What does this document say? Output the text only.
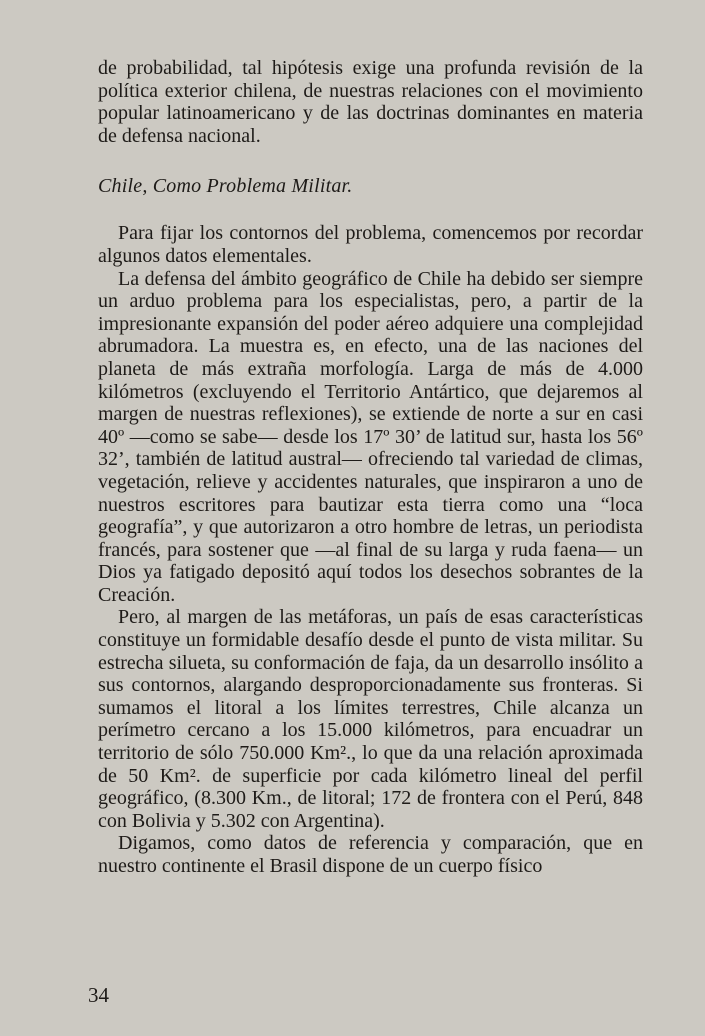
de probabilidad, tal hipótesis exige una profunda revisión de la política exterior chilena, de nuestras relaciones con el movimiento popular latinoamericano y de las doctrinas dominantes en materia de defensa nacional.

Chile, Como Problema Militar.

Para fijar los contornos del problema, comencemos por recordar algunos datos elementales.

La defensa del ámbito geográfico de Chile ha debido ser siempre un arduo problema para los especialistas, pero, a partir de la impresionante expansión del poder aéreo adquiere una complejidad abrumadora. La muestra es, en efecto, una de las naciones del planeta de más extraña morfología. Larga de más de 4.000 kilómetros (excluyendo el Territorio Antártico, que dejaremos al margen de nuestras reflexiones), se extiende de norte a sur en casi 40º —como se sabe— desde los 17º 30’ de latitud sur, hasta los 56º 32’, también de latitud austral— ofreciendo tal variedad de climas, vegetación, relieve y accidentes naturales, que inspiraron a uno de nuestros escritores para bautizar esta tierra como una “loca geografía”, y que autorizaron a otro hombre de letras, un periodista francés, para sostener que —al final de su larga y ruda faena— un Dios ya fatigado depositó aquí todos los desechos sobrantes de la Creación.

Pero, al margen de las metáforas, un país de esas características constituye un formidable desafío desde el punto de vista militar. Su estrecha silueta, su conformación de faja, da un desarrollo insólito a sus contornos, alargando desproporcionadamente sus fronteras. Si sumamos el litoral a los límites terrestres, Chile alcanza un perímetro cercano a los 15.000 kilómetros, para encuadrar un territorio de sólo 750.000 Km²., lo que da una relación aproximada de 50 Km². de superficie por cada kilómetro lineal del perfil geográfico, (8.300 Km., de litoral; 172 de frontera con el Perú, 848 con Bolivia y 5.302 con Argentina).

Digamos, como datos de referencia y comparación, que en nuestro continente el Brasil dispone de un cuerpo físico

34
